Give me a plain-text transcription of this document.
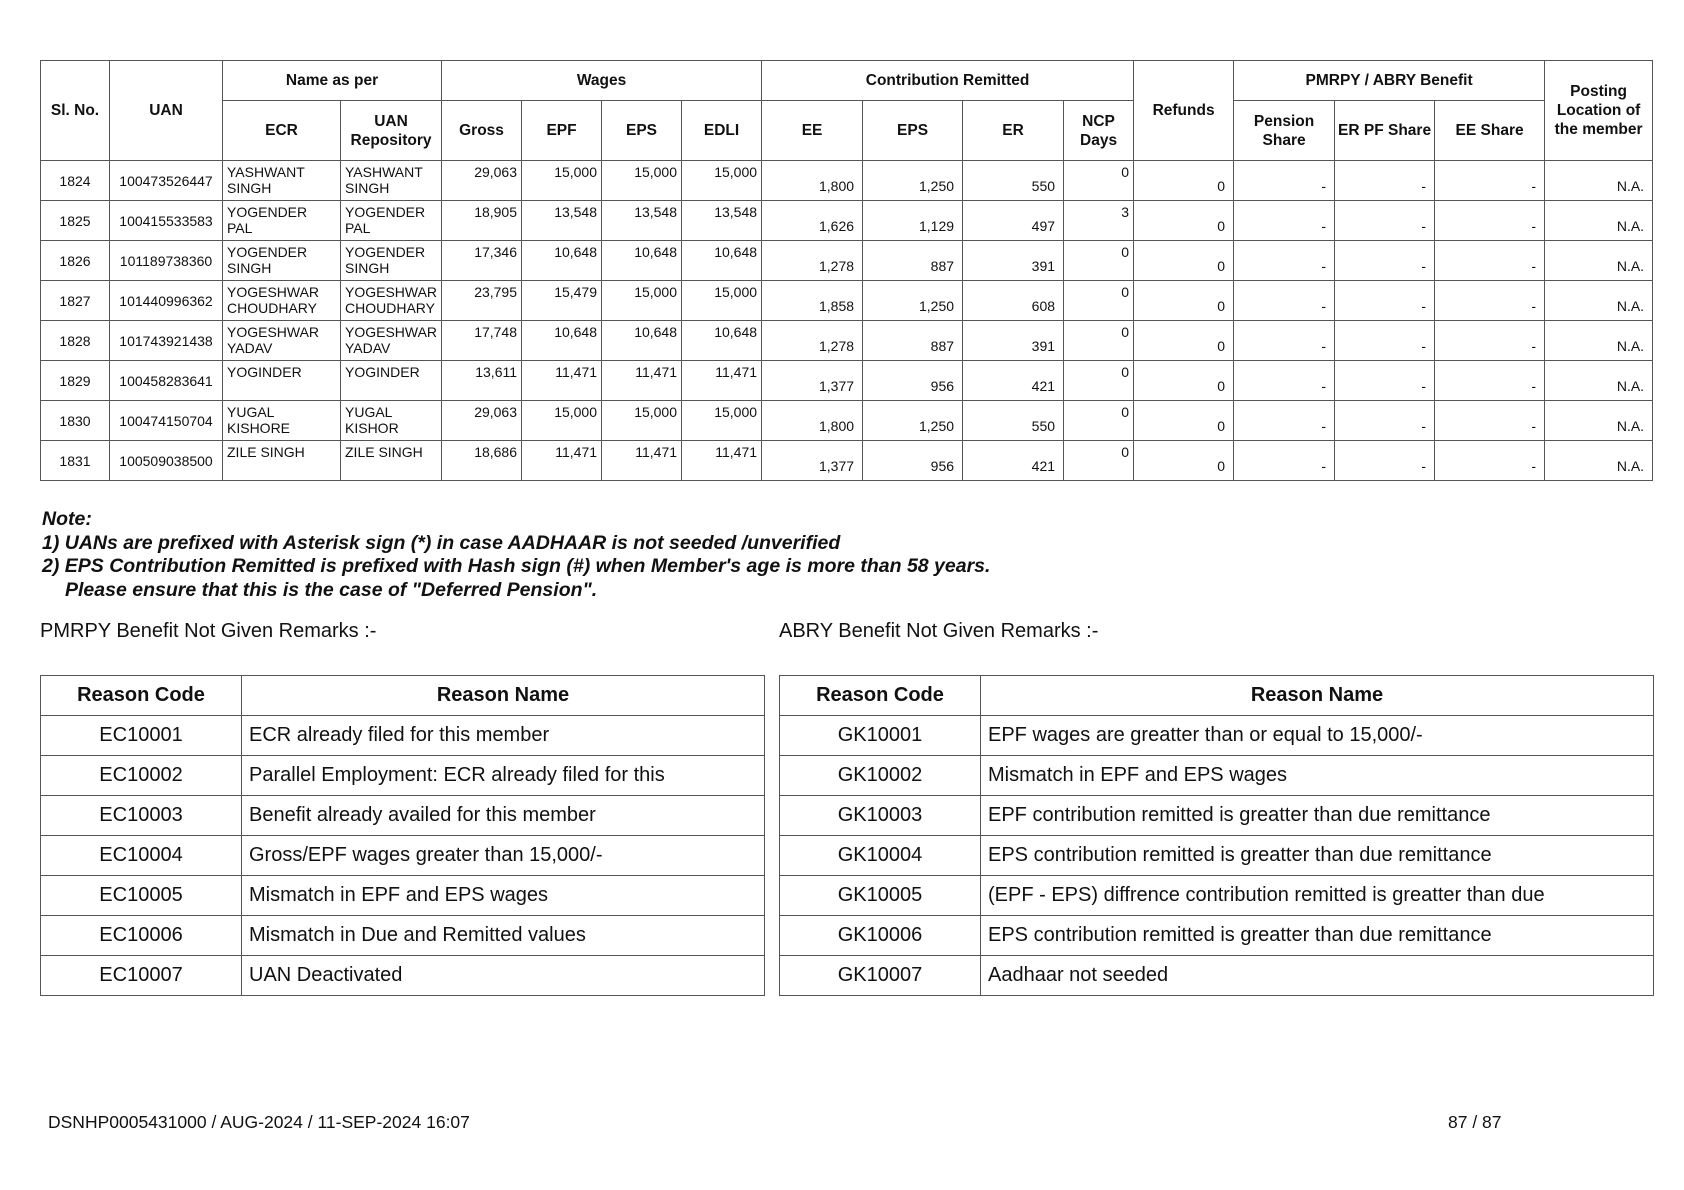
Sl. No.	UAN	Name as per		Wages				Contribution Remitted				Refunds	PMRPY / ABRY Benefit			Posting Location of the member
		ECR	UAN Repository	Gross	EPF	EPS	EDLI	EE	EPS	ER	NCP Days		Pension Share	ER PF Share	EE Share	
1824	100473526447	YASHWANT SINGH	YASHWANT SINGH	29,063	15,000	15,000	15,000	1,800	1,250	550	0	0	-	-	-	N.A.
1825	100415533583	YOGENDER PAL	YOGENDER PAL	18,905	13,548	13,548	13,548	1,626	1,129	497	3	0	-	-	-	N.A.
1826	101189738360	YOGENDER SINGH	YOGENDER SINGH	17,346	10,648	10,648	10,648	1,278	887	391	0	0	-	-	-	N.A.
1827	101440996362	YOGESHWAR CHOUDHARY	YOGESHWAR CHOUDHARY	23,795	15,479	15,000	15,000	1,858	1,250	608	0	0	-	-	-	N.A.
1828	101743921438	YOGESHWAR YADAV	YOGESHWAR YADAV	17,748	10,648	10,648	10,648	1,278	887	391	0	0	-	-	-	N.A.
1829	100458283641	YOGINDER	YOGINDER	13,611	11,471	11,471	11,471	1,377	956	421	0	0	-	-	-	N.A.
1830	100474150704	YUGAL KISHORE	YUGAL KISHOR	29,063	15,000	15,000	15,000	1,800	1,250	550	0	0	-	-	-	N.A.
1831	100509038500	ZILE SINGH	ZILE SINGH	18,686	11,471	11,471	11,471	1,377	956	421	0	0	-	-	-	N.A.
Note:
1) UANs are prefixed with Asterisk sign (*) in case AADHAAR is not seeded /unverified
2) EPS Contribution Remitted is prefixed with Hash sign (#) when Member's age is more than 58 years.
Please ensure that this is the case of "Deferred Pension".
PMRPY Benefit Not Given Remarks :-	ABRY Benefit Not Given Remarks :-
Reason Code	Reason Name
EC10001	ECR already filed for this member
EC10002	Parallel Employment: ECR already filed for this
EC10003	Benefit already availed for this member
EC10004	Gross/EPF wages greater than 15,000/-
EC10005	Mismatch in EPF and EPS wages
EC10006	Mismatch in Due and Remitted values
EC10007	UAN Deactivated
Reason Code	Reason Name
GK10001	EPF wages are greatter than or equal to 15,000/-
GK10002	Mismatch in EPF and EPS wages
GK10003	EPF contribution remitted is greatter than due remittance
GK10004	EPS contribution remitted is greatter than due remittance
GK10005	(EPF - EPS) diffrence contribution remitted is greatter than due
GK10006	EPS contribution remitted is greatter than due remittance
GK10007	Aadhaar not seeded
DSNHP0005431000 / AUG-2024 / 11-SEP-2024 16:07	87 / 87
